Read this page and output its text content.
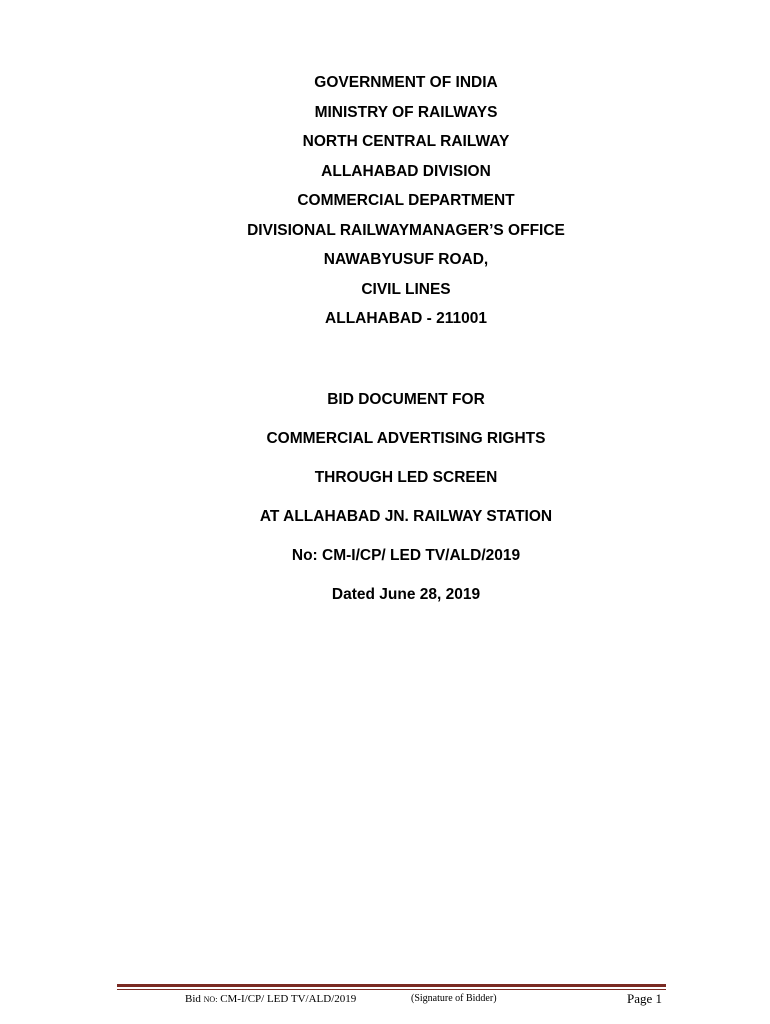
GOVERNMENT OF INDIA
MINISTRY OF RAILWAYS
NORTH CENTRAL RAILWAY
ALLAHABAD DIVISION
COMMERCIAL DEPARTMENT
DIVISIONAL RAILWAYMANAGER’S OFFICE
NAWABYUSUF ROAD,
CIVIL LINES
ALLAHABAD - 211001
BID DOCUMENT FOR
COMMERCIAL ADVERTISING RIGHTS
THROUGH LED SCREEN
AT ALLAHABAD JN. RAILWAY STATION
No: CM-I/CP/ LED TV/ALD/2019
Dated June 28, 2019
Bid NO: CM-I/CP/ LED TV/ALD/2019	(Signature of Bidder)	Page 1
